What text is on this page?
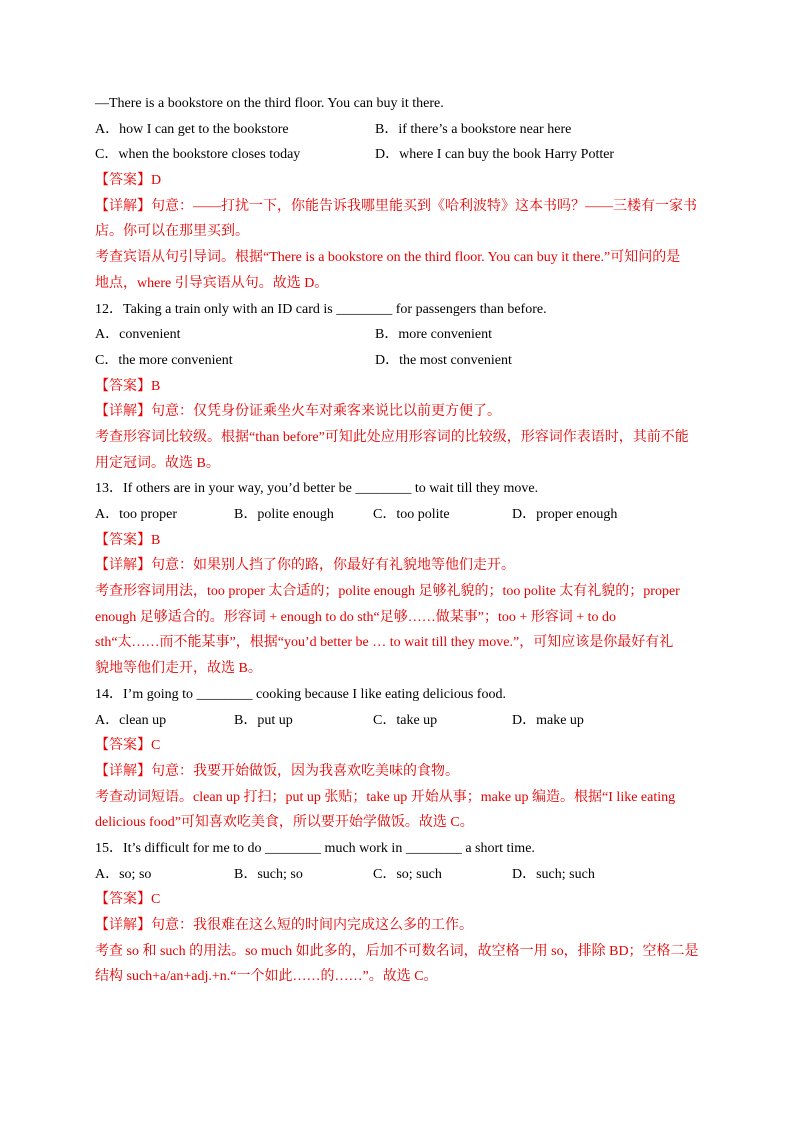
—There is a bookstore on the third floor. You can buy it there.
A．how I can get to the bookstore	B．if there’s a bookstore near here
C．when the bookstore closes today	D．where I can buy the book Harry Potter
【答案】D
【详解】句意：——打扰一下，你能告诉我哪里能买到《哈利波特》这本书吗？——三楼有一家书
店。你可以在那里买到。
考查宾语从句引导词。根据“There is a bookstore on the third floor. You can buy it there.”可知问的是
地点，where 引导宾语从句。故选 D。
12．Taking a train only with an ID card is ________ for passengers than before.
A．convenient	B．more convenient
C．the more convenient	D．the most convenient
【答案】B
【详解】句意：仅凭身份证乘坐火车对乘客来说比以前更方便了。
考查形容词比较级。根据“than before”可知此处应用形容词的比较级，形容词作表语时，其前不能
用定冠词。故选 B。
13．If others are in your way, you’d better be ________ to wait till they move.
A．too proper	B．polite enough	C．too polite	D．proper enough
【答案】B
【详解】句意：如果别人挡了你的路，你最好有礼貌地等他们走开。
考查形容词用法，too proper 太合适的；polite enough 足够礼貌的；too polite 太有礼貌的；proper
enough 足够适合的。形容词 + enough to do sth“足够……做某事”；too + 形容词 + to do
sth“太……而不能某事”，根据“you’d better be … to wait till they move.”，可知应该是你最好有礼
貌地等他们走开，故选 B。
14．I’m going to ________ cooking because I like eating delicious food.
A．clean up	B．put up	C．take up	D．make up
【答案】C
【详解】句意：我要开始做饭，因为我喜欢吃美味的食物。
考查动词短语。clean up 打扫；put up 张贴；take up 开始从事；make up 编造。根据“I like eating
delicious food”可知喜欢吃美食，所以要开始学做饭。故选 C。
15．It’s difficult for me to do ________ much work in ________ a short time.
A．so; so	B．such; so	C．so; such	D．such; such
【答案】C
【详解】句意：我很难在这么短的时间内完成这么多的工作。
考查 so 和 such 的用法。so much 如此多的，后加不可数名词，故空格一用 so，排除 BD；空格二是
结构 such+a/an+adj.+n.“一个如此……的……”。故选 C。
